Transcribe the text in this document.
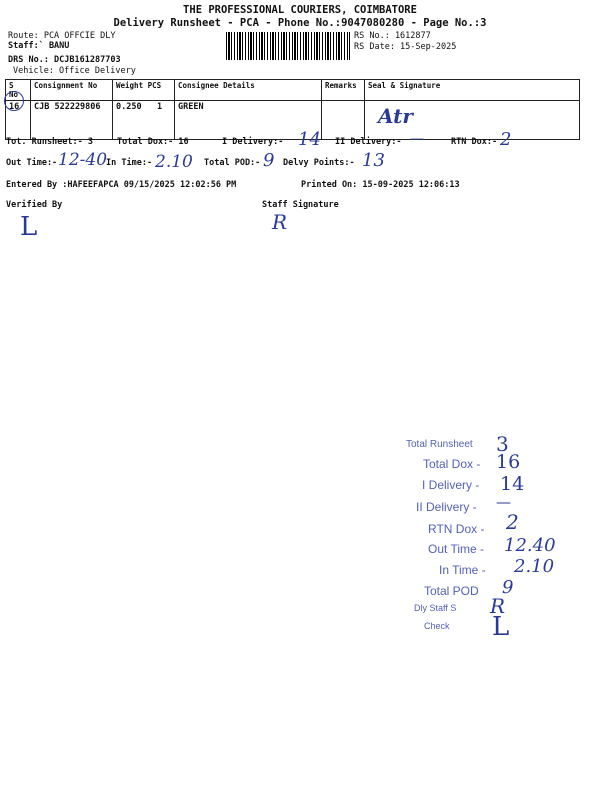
THE PROFESSIONAL COURIERS, COIMBATORE
Delivery Runsheet - PCA - Phone No.:9047080280 - Page No.:3
Route: PCA OFFCIE DLY
Staff:` BANU
DRS No.: DCJB161287703
Vehicle: Office Delivery
RS No.: 1612877
RS Date: 15-Sep-2025
S No	Consignment No	Weight PCS	Consignee Details	Remarks	Seal & Signature
16	CJB 522229806	0.250 1	GREEN		Atr
Tot. Runsheet:- 3	Total Dox:- 16	I Delivery:- 14 II Delivery:- —	RTN Dox:- 2
Out Time:- 12-40
In Time:- 2.10 Total POD:- 9 Delvy Points:- 13
Entered By :HAFEEFAPCA 09/15/2025 12:02:56 PM	Printed On: 15-09-2025 12:06:13
Verified By	Staff Signature
L	R
Total Runsheet 3
Total Dox - 16
I Delivery - 14
II Delivery - —
RTN Dox - 2
Out Time - 12.40
In Time - 2.10
Total POD 9
Dly Staff S R
Check L
